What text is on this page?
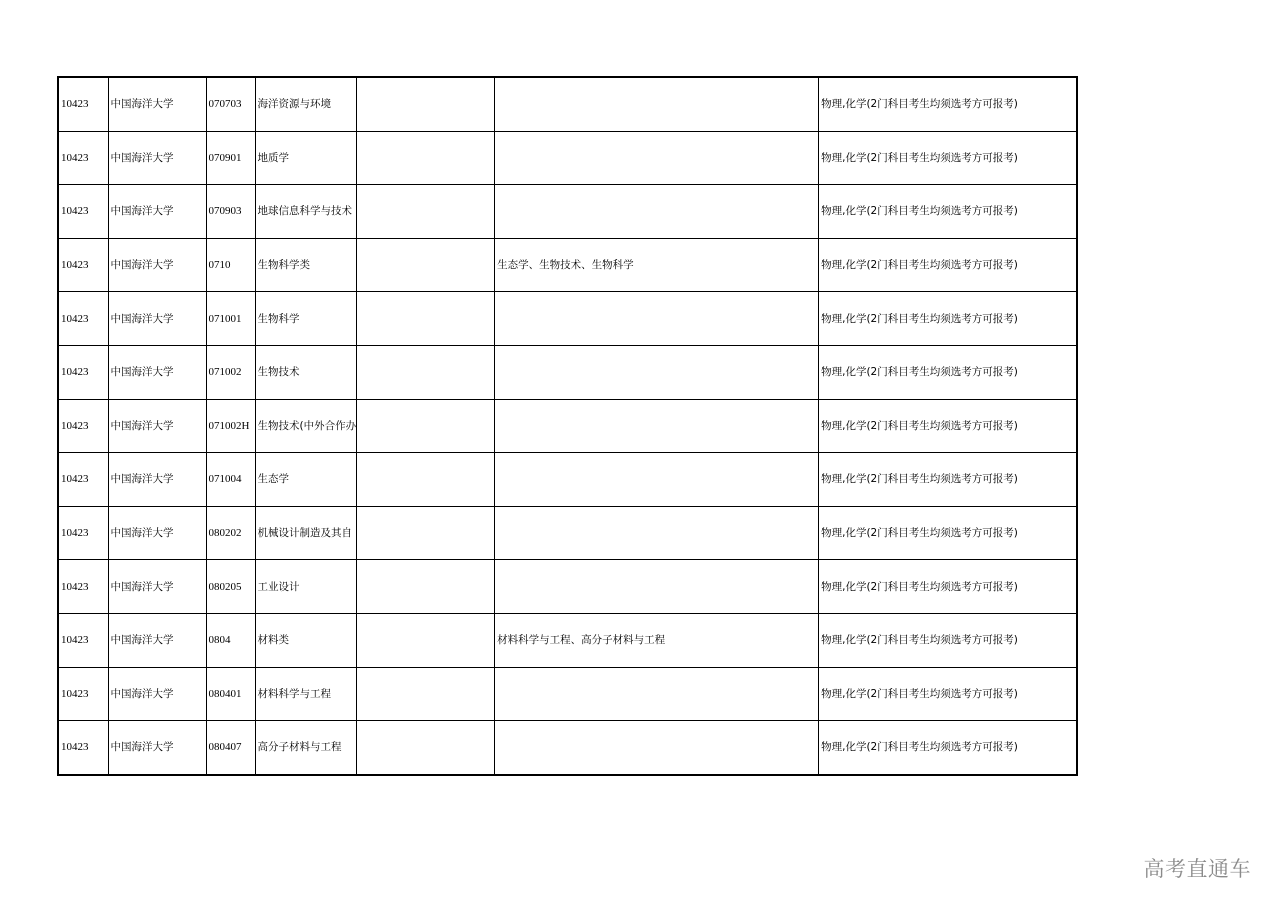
10423	中国海洋大学	070703	海洋资源与环境			物理,化学(2门科目考生均须选考方可报考)
10423	中国海洋大学	070901	地质学			物理,化学(2门科目考生均须选考方可报考)
10423	中国海洋大学	070903	地球信息科学与技术			物理,化学(2门科目考生均须选考方可报考)
10423	中国海洋大学	0710	生物科学类		生态学、生物技术、生物科学	物理,化学(2门科目考生均须选考方可报考)
10423	中国海洋大学	071001	生物科学			物理,化学(2门科目考生均须选考方可报考)
10423	中国海洋大学	071002	生物技术			物理,化学(2门科目考生均须选考方可报考)
10423	中国海洋大学	071002H	生物技术(中外合作办			物理,化学(2门科目考生均须选考方可报考)
10423	中国海洋大学	071004	生态学			物理,化学(2门科目考生均须选考方可报考)
10423	中国海洋大学	080202	机械设计制造及其自			物理,化学(2门科目考生均须选考方可报考)
10423	中国海洋大学	080205	工业设计			物理,化学(2门科目考生均须选考方可报考)
10423	中国海洋大学	0804	材料类		材料科学与工程、高分子材料与工程	物理,化学(2门科目考生均须选考方可报考)
10423	中国海洋大学	080401	材料科学与工程			物理,化学(2门科目考生均须选考方可报考)
10423	中国海洋大学	080407	高分子材料与工程			物理,化学(2门科目考生均须选考方可报考)
高考直通车
